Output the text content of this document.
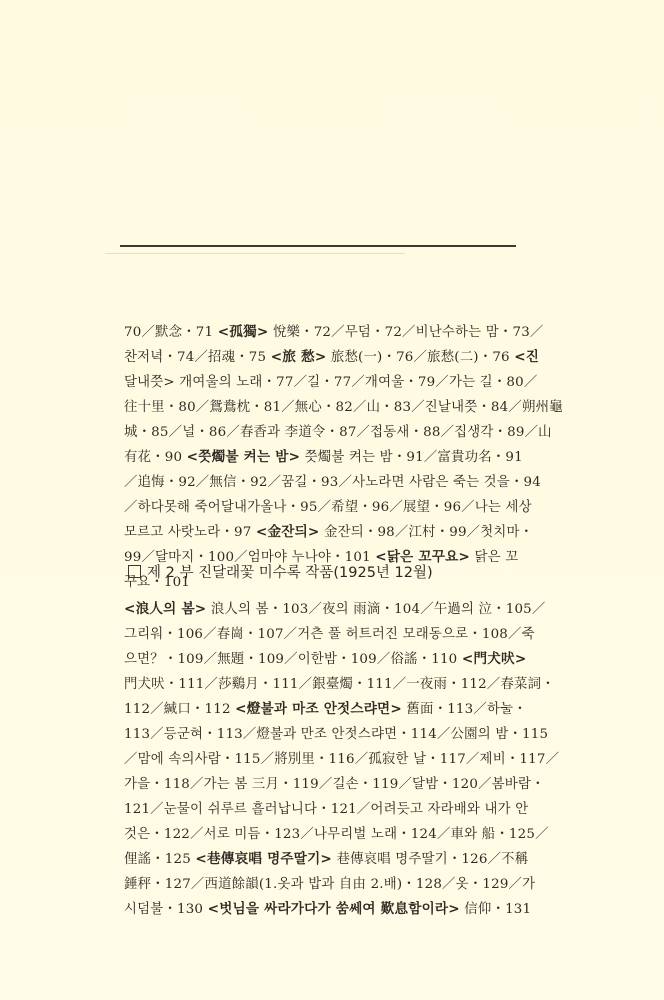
70／默念・71 <孤獨> 悅樂・72／무덤・72／비난수하는 맘・73／
찬저녁・74／招魂・75 <旅 愁> 旅愁(一)・76／旅愁(二)・76 <진
달내쯧> 개여울의 노래・77／길・77／개여울・79／가는 길・80／
往十里・80／鴛鴦枕・81／無心・82／山・83／진날내쯧・84／朔州龜
城・85／널・86／春香과 李道令・87／접동새・88／집생각・89／山
有花・90 <쯧燭불 켜는 밤> 쯧燭불 켜는 밤・91／富貴功名・91
／追悔・92／無信・92／꿈길・93／사노라면 사람은 죽는 것을・94
／하다못해 죽어달내가올나・95／希望・96／展望・96／나는 세상
모르고 사랏노라・97 <金잔듸> 金잔듸・98／江村・99／첫치마・
99／달마지・100／엄마야 누나야・101 <닭은 꼬꾸요> 닭은 꼬
꾸요・101
제 2 부 진달래꽃 미수록 작품(1925년 12월)
<浪人의 봄> 浪人의 봄・103／夜의 雨滴・104／午過의 泣・105／
그리워・106／春崗・107／거츤 풀 허트러진 모래동으로・108／죽
으면？・109／無題・109／이한밤・109／俗謠・110 <門犬吠>
門犬吠・111／莎鷄月・111／銀臺燭・111／一夜雨・112／春菜詞・
112／緘口・112 <燈불과 마조 안젓스랴면> 舊面・113／하눌・
113／등군혀・113／燈불과 만조 안젓스랴면・114／公園의 밤・115
／맘에 속의사람・115／將別里・116／孤寂한 날・117／제비・117／
가을・118／가는 봄 三月・119／길손・119／달밤・120／봄바람・
121／눈물이 쉬루르 흘러납니다・121／어려듯고 자라배와 내가 안
것은・122／서로 미듬・123／나무리벌 노래・124／車와 船・125／
俚謠・125 <巷傳哀唱 명주딸기> 巷傳哀唱 명주딸기・126／不稱
錘秤・127／西道餘韻(1.옷과 밥과 自由 2.배)・128／옷・129／가
시덤불・130 <벗님을 싸라가다가 쑴쎄여 歎息함이라> 信仰・131
